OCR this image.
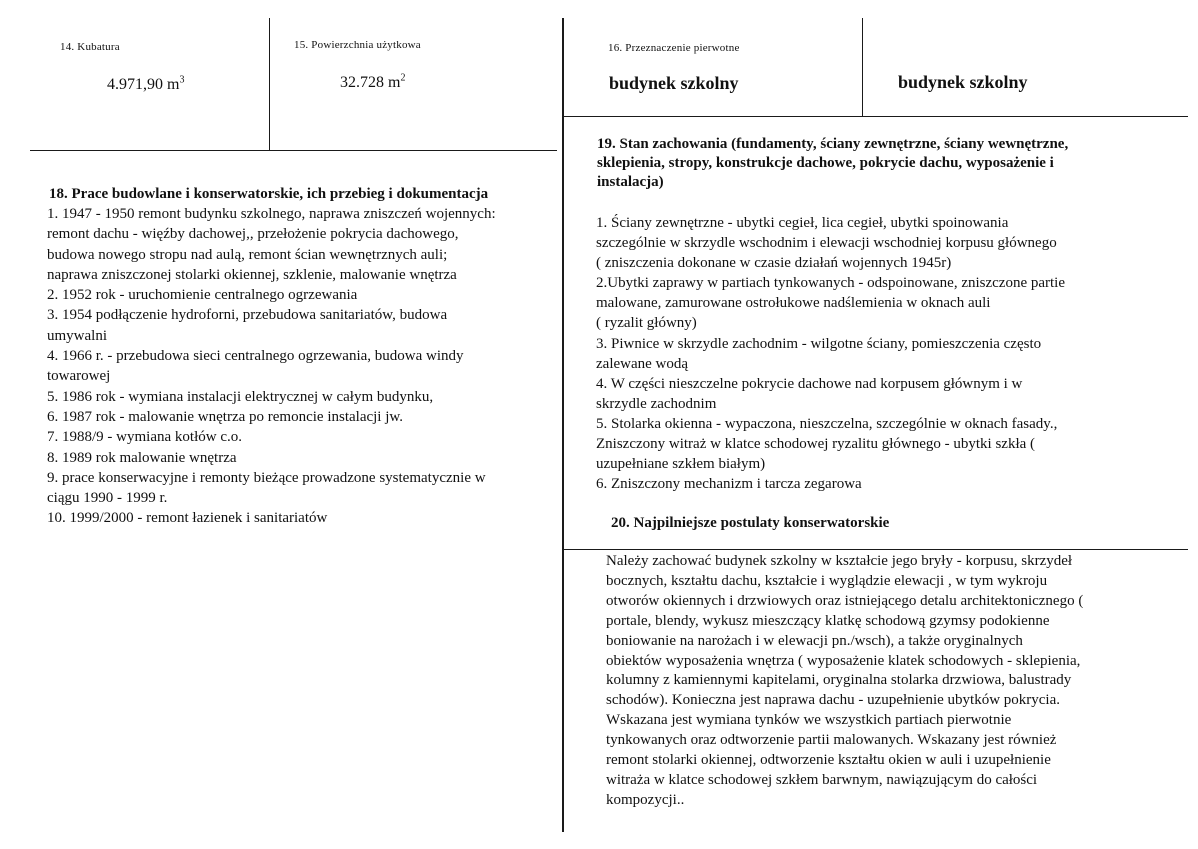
14. Kubatura
4.971,90 $m^3$
15. Powierzchnia użytkowa
32.728 $m^2$
16. Przeznaczenie pierwotne
budynek szkolny	budynek szkolny
18. Prace budowlane i konserwatorskie, ich przebieg i dokumentacja
1. 1947 - 1950 remont budynku szkolnego, naprawa zniszczeń wojennych:
remont dachu - więźby dachowej,, przełożenie pokrycia dachowego,
budowa nowego stropu nad aulą, remont ścian wewnętrznych auli;
naprawa zniszczonej stolarki okiennej, szklenie, malowanie wnętrza
2. 1952 rok - uruchomienie centralnego ogrzewania
3. 1954 podłączenie hydroforni, przebudowa sanitariatów, budowa
umywalni
4. 1966 r. - przebudowa sieci centralnego ogrzewania, budowa windy
towarowej
5. 1986 rok - wymiana instalacji elektrycznej w całym budynku,
6. 1987 rok - malowanie wnętrza po remoncie instalacji jw.
7. 1988/9 - wymiana kotłów c.o.
8. 1989 rok malowanie wnętrza
9. prace konserwacyjne i remonty bieżące prowadzone systematycznie w
ciągu 1990 - 1999 r.
10. 1999/2000 - remont łazienek i sanitariatów
19. Stan zachowania (fundamenty, ściany zewnętrzne, ściany wewnętrzne,
sklepienia, stropy, konstrukcje dachowe, pokrycie dachu, wyposażenie i
instalacja)
1. Ściany zewnętrzne - ubytki cegieł, lica cegieł, ubytki spoinowania
szczególnie w skrzydle wschodnim i elewacji wschodniej korpusu głównego
( zniszczenia dokonane w czasie działań wojennych 1945r)
2.Ubytki zaprawy w partiach tynkowanych - odspoinowane, zniszczone partie
malowane, zamurowane ostrołukowe nadślemienia w oknach auli
( ryzalit główny)
3. Piwnice w skrzydle zachodnim - wilgotne ściany, pomieszczenia często
zalewane wodą
4. W części nieszczelne pokrycie dachowe nad korpusem głównym i w
skrzydle zachodnim
5. Stolarka okienna - wypaczona, nieszczelna, szczególnie w oknach fasady.,
Zniszczony witraż w klatce schodowej ryzalitu głównego - ubytki szkła (
uzupełniane szkłem białym)
6. Zniszczony mechanizm i tarcza zegarowa
20. Najpilniejsze postulaty konserwatorskie
Należy zachować budynek szkolny w kształcie jego bryły - korpusu, skrzydeł
bocznych, kształtu dachu, kształcie i wyglądzie elewacji , w tym wykroju
otworów okiennych i drzwiowych oraz istniejącego detalu architektonicznego (
portale, blendy, wykusz mieszczący klatkę schodową gzymsy podokienne
boniowanie na narożach i w elewacji pn./wsch), a także oryginalnych
obiektów wyposażenia wnętrza ( wyposażenie klatek schodowych - sklepienia,
kolumny z kamiennymi kapitelami, oryginalna stolarka drzwiowa, balustrady
schodów). Konieczna jest naprawa dachu - uzupełnienie ubytków pokrycia.
Wskazana jest wymiana tynków we wszystkich partiach pierwotnie
tynkowanych oraz odtworzenie partii malowanych. Wskazany jest również
remont stolarki okiennej, odtworzenie kształtu okien w auli i uzupełnienie
witraża w klatce schodowej szkłem barwnym, nawiązującym do całości
kompozycji..
